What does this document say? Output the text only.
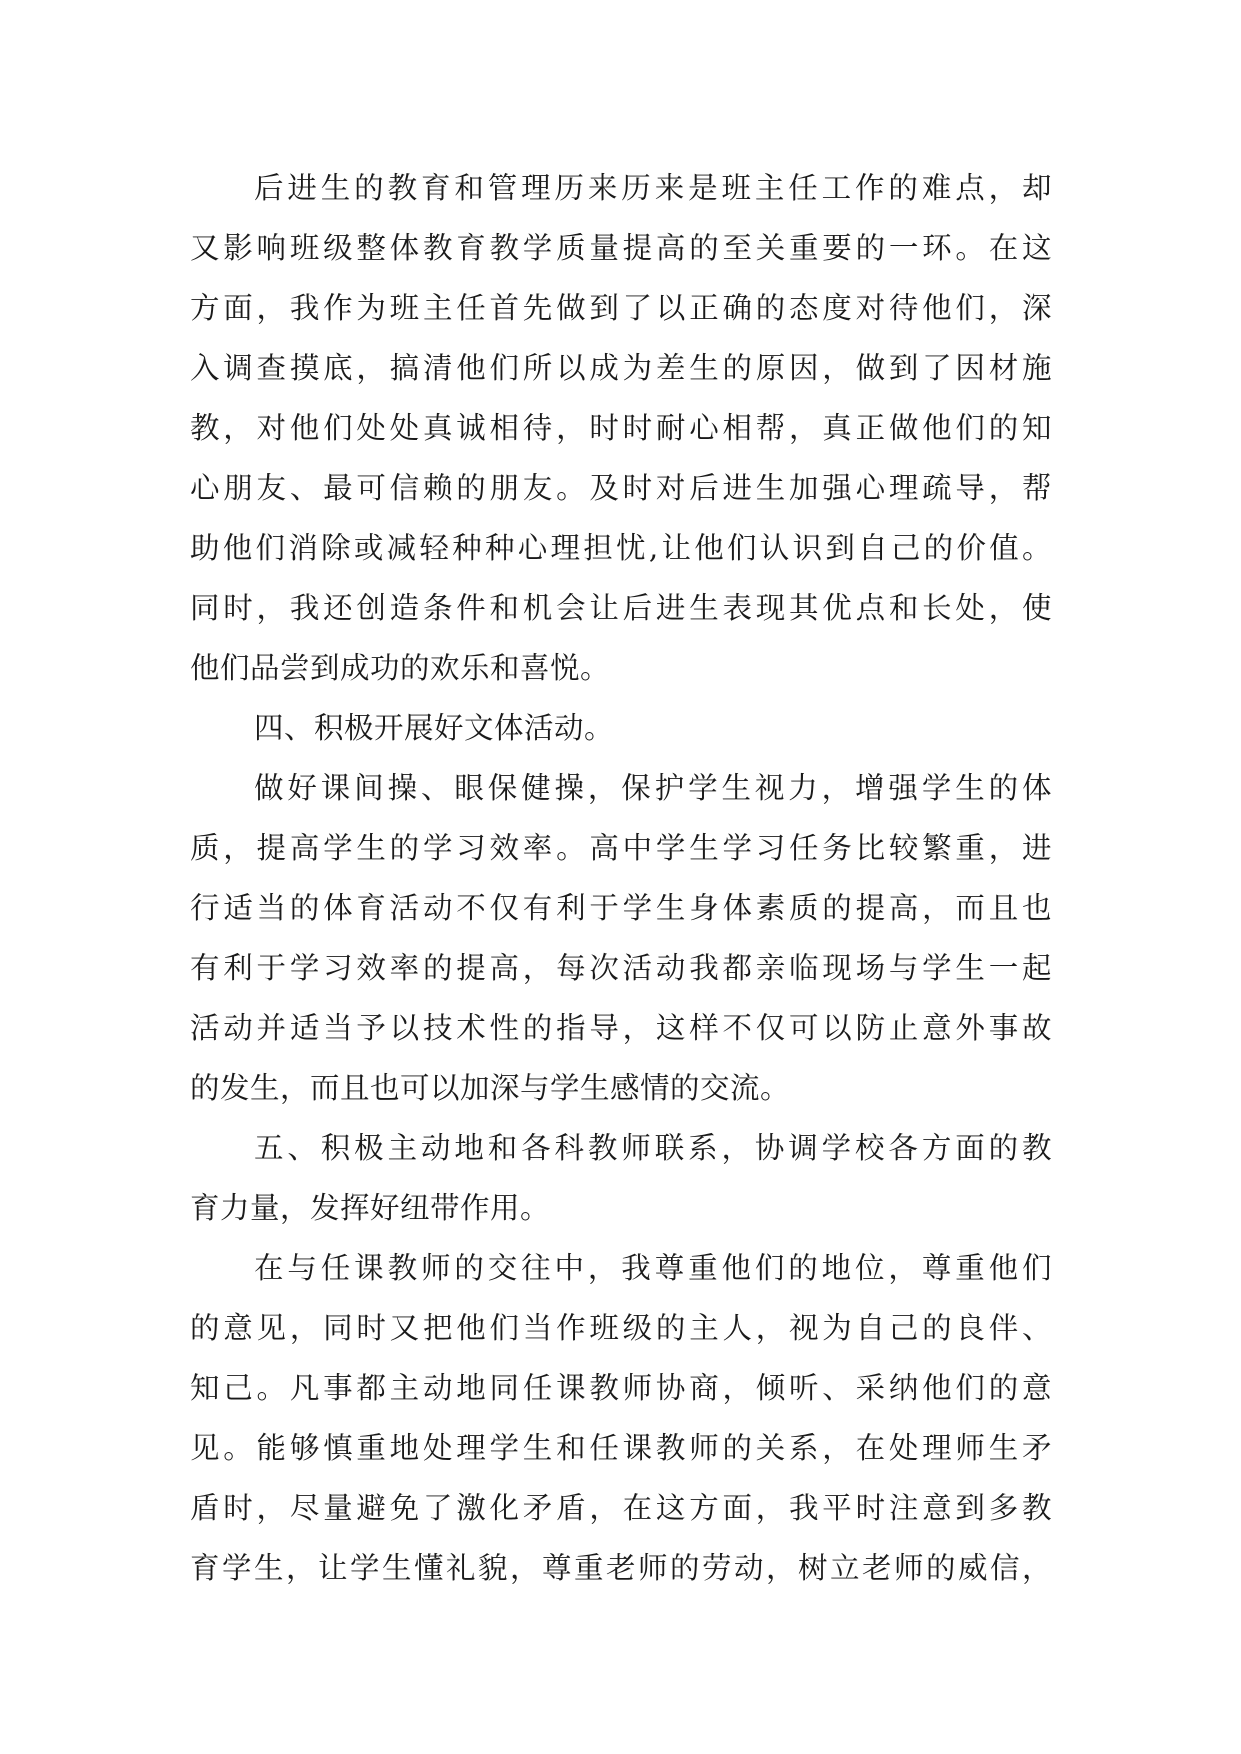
后进生的教育和管理历来历来是班主任工作的难点，却
又影响班级整体教育教学质量提高的至关重要的一环。在这
方面，我作为班主任首先做到了以正确的态度对待他们，深
入调查摸底，搞清他们所以成为差生的原因，做到了因材施
教，对他们处处真诚相待，时时耐心相帮，真正做他们的知
心朋友、最可信赖的朋友。及时对后进生加强心理疏导，帮
助他们消除或减轻种种心理担忧,让他们认识到自己的价值。
同时，我还创造条件和机会让后进生表现其优点和长处，使
他们品尝到成功的欢乐和喜悦。
四、积极开展好文体活动。
做好课间操、眼保健操，保护学生视力，增强学生的体
质，提高学生的学习效率。高中学生学习任务比较繁重，进
行适当的体育活动不仅有利于学生身体素质的提高，而且也
有利于学习效率的提高，每次活动我都亲临现场与学生一起
活动并适当予以技术性的指导，这样不仅可以防止意外事故
的发生，而且也可以加深与学生感情的交流。
五、积极主动地和各科教师联系，协调学校各方面的教
育力量，发挥好纽带作用。
在与任课教师的交往中，我尊重他们的地位，尊重他们
的意见，同时又把他们当作班级的主人，视为自己的良伴、
知己。凡事都主动地同任课教师协商，倾听、采纳他们的意
见。能够慎重地处理学生和任课教师的关系，在处理师生矛
盾时，尽量避免了激化矛盾，在这方面，我平时注意到多教
育学生，让学生懂礼貌，尊重老师的劳动，树立老师的威信，
